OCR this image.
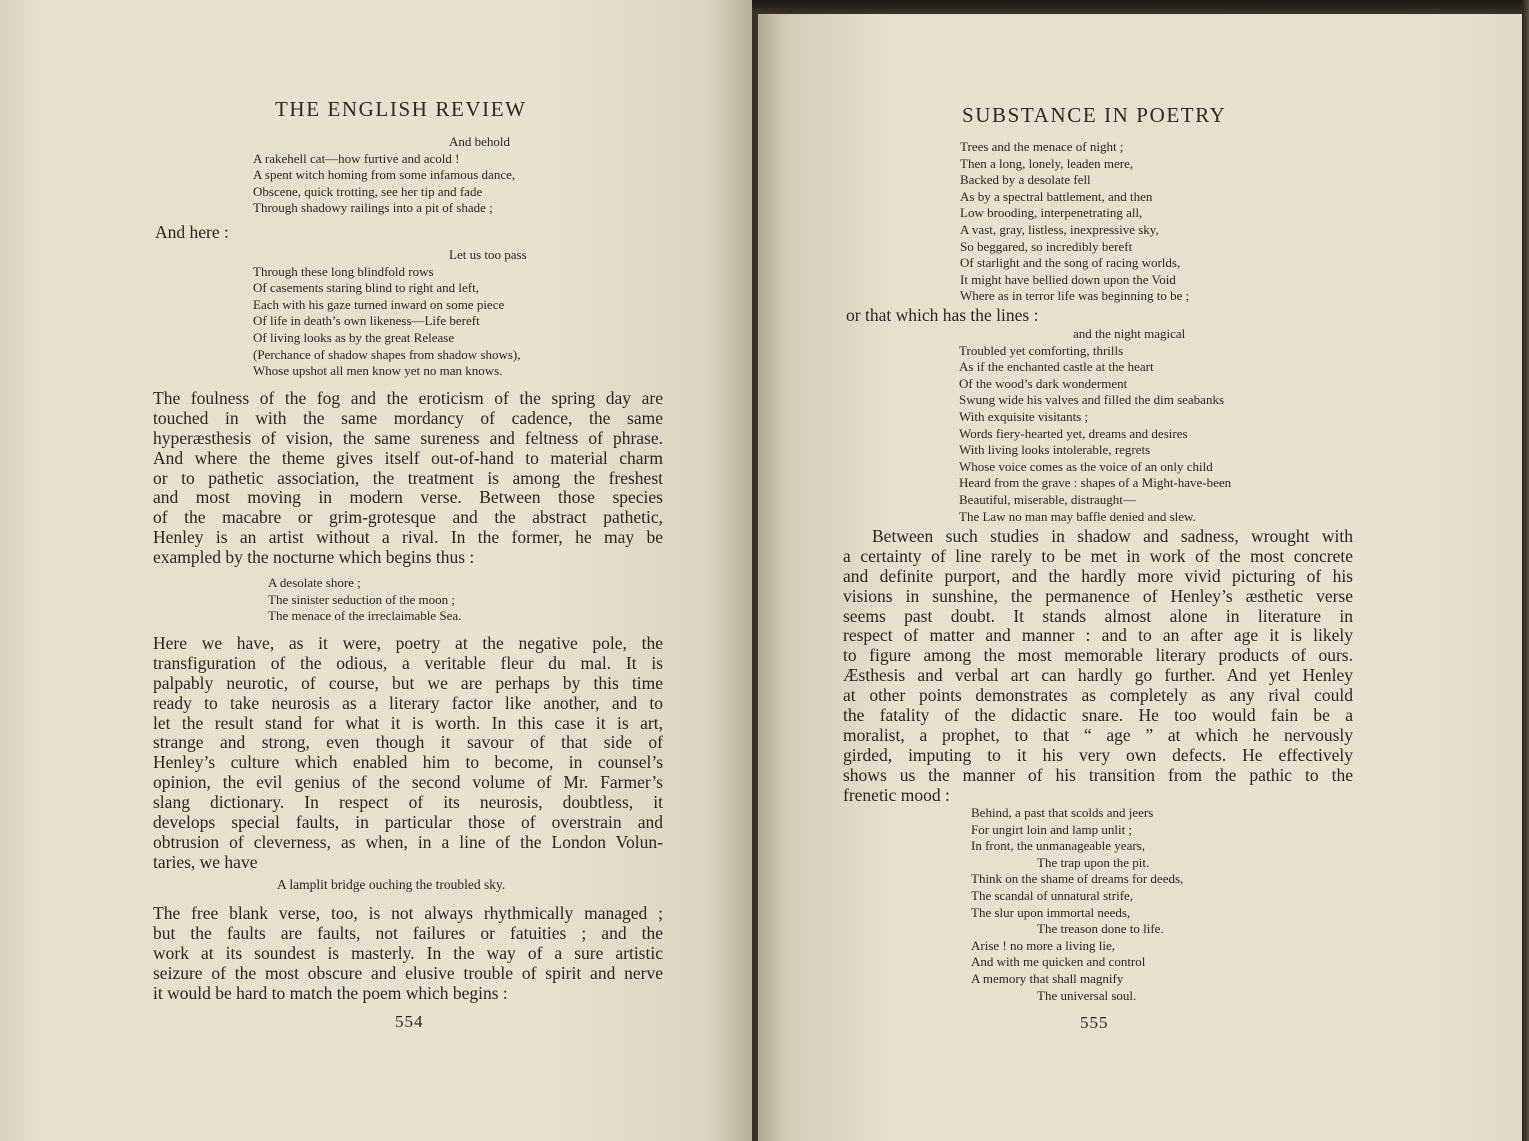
THE ENGLISH REVIEW
And behold
A rakehell cat—how furtive and acold !
A spent witch homing from some infamous dance,
Obscene, quick trotting, see her tip and fade
Through shadowy railings into a pit of shade ;
And here :
Let us too pass
Through these long blindfold rows
Of casements staring blind to right and left,
Each with his gaze turned inward on some piece
Of life in death’s own likeness—Life bereft
Of living looks as by the great Release
(Perchance of shadow shapes from shadow shows),
Whose upshot all men know yet no man knows.
The foulness of the fog and the eroticism of the spring day are
touched in with the same mordancy of cadence, the same
hyperæsthesis of vision, the same sureness and feltness of phrase.
And where the theme gives itself out-of-hand to material charm
or to pathetic association, the treatment is among the freshest
and most moving in modern verse. Between those species
of the macabre or grim-grotesque and the abstract pathetic,
Henley is an artist without a rival. In the former, he may be
exampled by the nocturne which begins thus :
A desolate shore ;
The sinister seduction of the moon ;
The menace of the irreclaimable Sea.
Here we have, as it were, poetry at the negative pole, the
transfiguration of the odious, a veritable fleur du mal. It is
palpably neurotic, of course, but we are perhaps by this time
ready to take neurosis as a literary factor like another, and to
let the result stand for what it is worth. In this case it is art,
strange and strong, even though it savour of that side of
Henley’s culture which enabled him to become, in counsel’s
opinion, the evil genius of the second volume of Mr. Farmer’s
slang dictionary. In respect of its neurosis, doubtless, it
develops special faults, in particular those of overstrain and
obtrusion of cleverness, as when, in a line of the London Volun-
taries, we have
A lamplit bridge ouching the troubled sky.
The free blank verse, too, is not always rhythmically managed ;
but the faults are faults, not failures or fatuities ; and the
work at its soundest is masterly. In the way of a sure artistic
seizure of the most obscure and elusive trouble of spirit and nerve
it would be hard to match the poem which begins :
554
SUBSTANCE IN POETRY
Trees and the menace of night ;
Then a long, lonely, leaden mere,
Backed by a desolate fell
As by a spectral battlement, and then
Low brooding, interpenetrating all,
A vast, gray, listless, inexpressive sky,
So beggared, so incredibly bereft
Of starlight and the song of racing worlds,
It might have bellied down upon the Void
Where as in terror life was beginning to be ;
or that which has the lines :
and the night magical
Troubled yet comforting, thrills
As if the enchanted castle at the heart
Of the wood’s dark wonderment
Swung wide his valves and filled the dim seabanks
With exquisite visitants ;
Words fiery-hearted yet, dreams and desires
With living looks intolerable, regrets
Whose voice comes as the voice of an only child
Heard from the grave : shapes of a Might-have-been
Beautiful, miserable, distraught—
The Law no man may baffle denied and slew.
Between such studies in shadow and sadness, wrought with
a certainty of line rarely to be met in work of the most concrete
and definite purport, and the hardly more vivid picturing of his
visions in sunshine, the permanence of Henley’s æsthetic verse
seems past doubt. It stands almost alone in literature in
respect of matter and manner : and to an after age it is likely
to figure among the most memorable literary products of ours.
Æsthesis and verbal art can hardly go further. And yet Henley
at other points demonstrates as completely as any rival could
the fatality of the didactic snare. He too would fain be a
moralist, a prophet, to that “ age ” at which he nervously
girded, imputing to it his very own defects. He effectively
shows us the manner of his transition from the pathic to the
frenetic mood :
Behind, a past that scolds and jeers
For ungirt loin and lamp unlit ;
In front, the unmanageable years,
The trap upon the pit.
Think on the shame of dreams for deeds,
The scandal of unnatural strife,
The slur upon immortal needs,
The treason done to life.
Arise ! no more a living lie,
And with me quicken and control
A memory that shall magnify
The universal soul.
555
